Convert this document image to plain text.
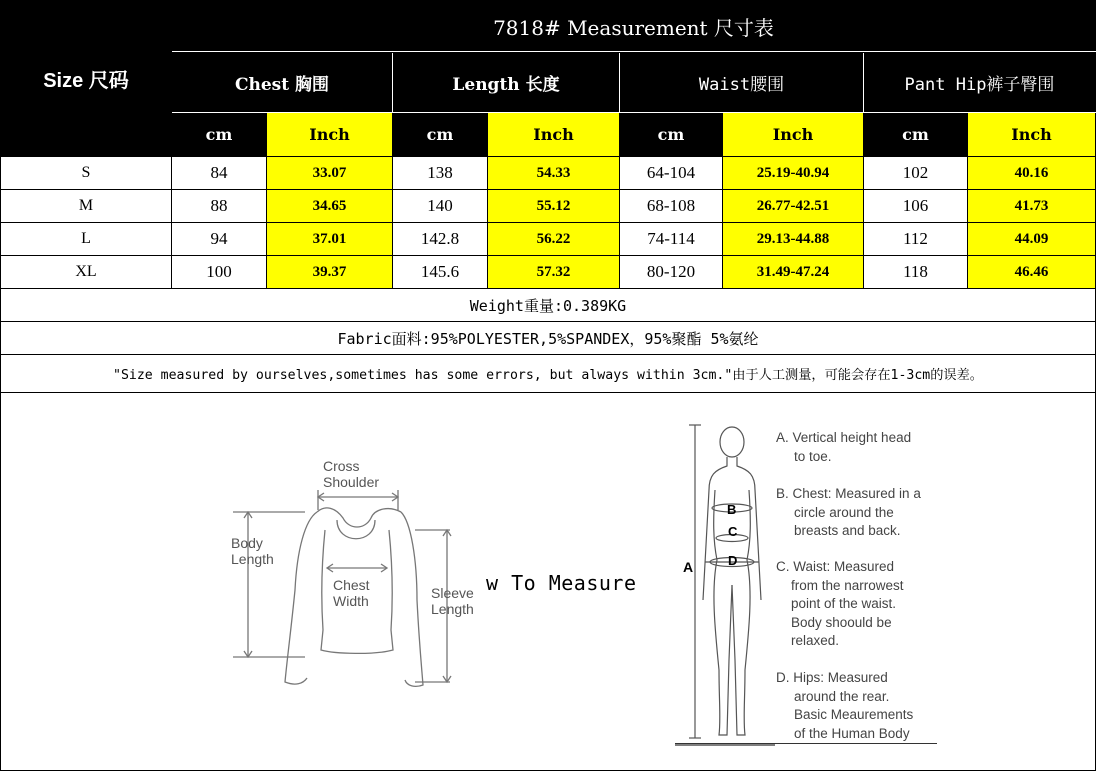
Size 尺码
7818# Measurement 尺寸表
Chest 胸围	Length 长度	Waist腰围	Pant Hip裤子臀围
cm	Inch	cm	Inch	cm	Inch	cm	Inch
S	84	33.07	138	54.33	64-104	25.19-40.94	102	40.16
M	88	34.65	140	55.12	68-108	26.77-42.51	106	41.73
L	94	37.01	142.8	56.22	74-114	29.13-44.88	112	44.09
XL	100	39.37	145.6	57.32	80-120	31.49-47.24	118	46.46
Weight重量:0.389KG
Fabric面料:95%POLYESTER,5%SPANDEX，95%聚酯 5%氨纶
"Size measured by ourselves,sometimes has some errors, but always within 3cm."由于人工测量，可能会存在1-3cm的误差。
Cross
Shoulder
Body
Length
Chest
Width	Sleeve
Length
w To Measure
A
B
C
D
A. Vertical height head
to toe.
B. Chest: Measured in a
circle around the
breasts and back.
C. Waist: Measured
from the narrowest
point of the waist.
Body shoould be
relaxed.
D. Hips: Measured
around the rear.
Basic Meaurements
of the Human Body
